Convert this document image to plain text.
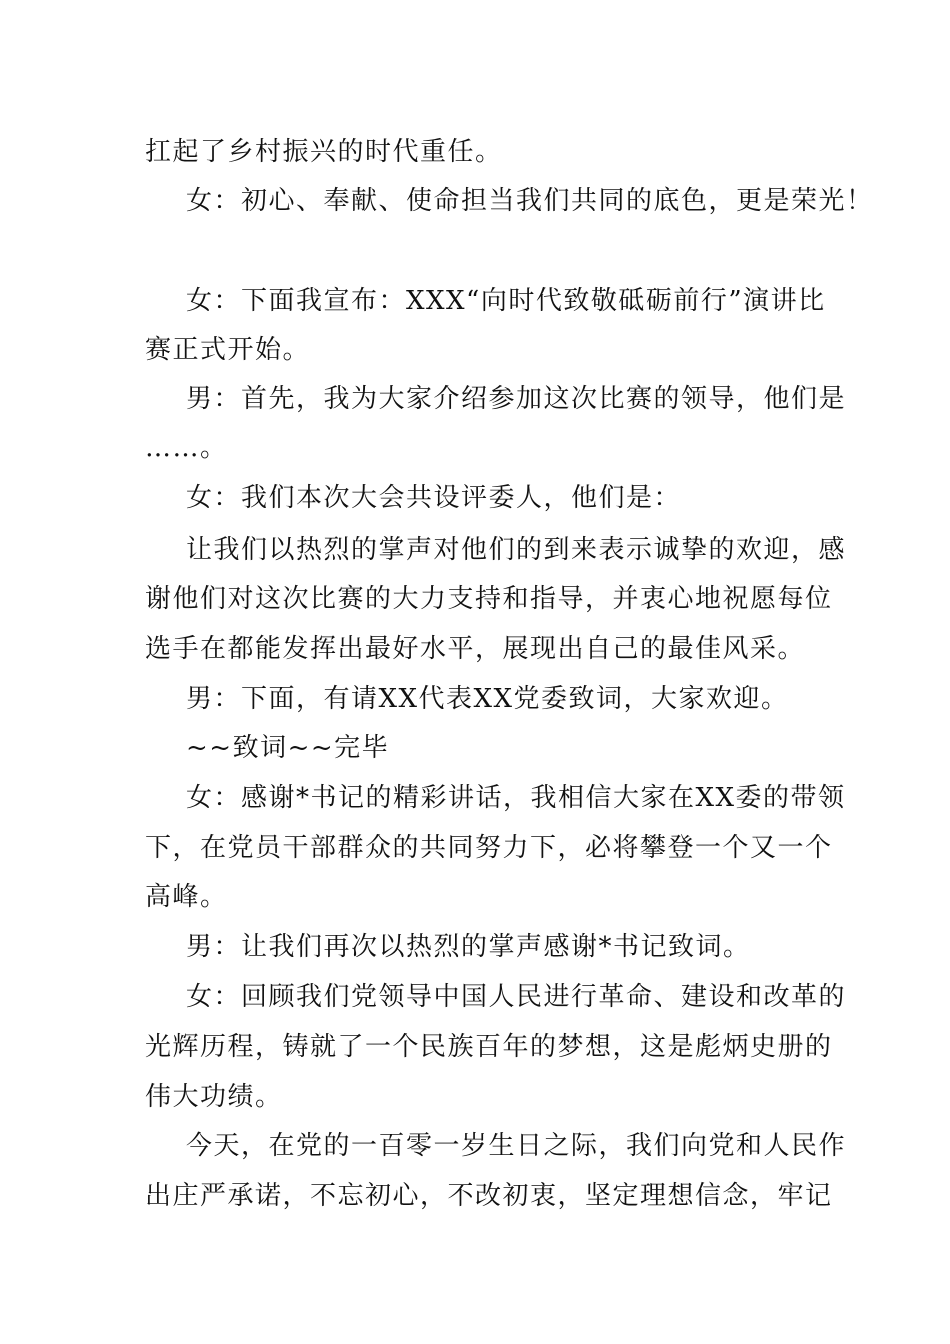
扛起了乡村振兴的时代重任。

女：初心、奉献、使命担当我们共同的底色，更是荣光！

女：下面我宣布：XXX“向时代致敬砥砺前行”演讲比

赛正式开始。

男：首先，我为大家介绍参加这次比赛的领导，他们是

……。

女：我们本次大会共设评委人，他们是：

让我们以热烈的掌声对他们的到来表示诚挚的欢迎，感

谢他们对这次比赛的大力支持和指导，并衷心地祝愿每位

选手在都能发挥出最好水平，展现出自己的最佳风采。

男：下面，有请XX代表XX党委致词，大家欢迎。

~~致词~~完毕

女：感谢*书记的精彩讲话，我相信大家在XX委的带领

下，在党员干部群众的共同努力下，必将攀登一个又一个

高峰。

男：让我们再次以热烈的掌声感谢*书记致词。

女：回顾我们党领导中国人民进行革命、建设和改革的

光辉历程，铸就了一个民族百年的梦想，这是彪炳史册的

伟大功绩。

今天，在党的一百零一岁生日之际，我们向党和人民作

出庄严承诺，不忘初心，不改初衷，坚定理想信念，牢记
